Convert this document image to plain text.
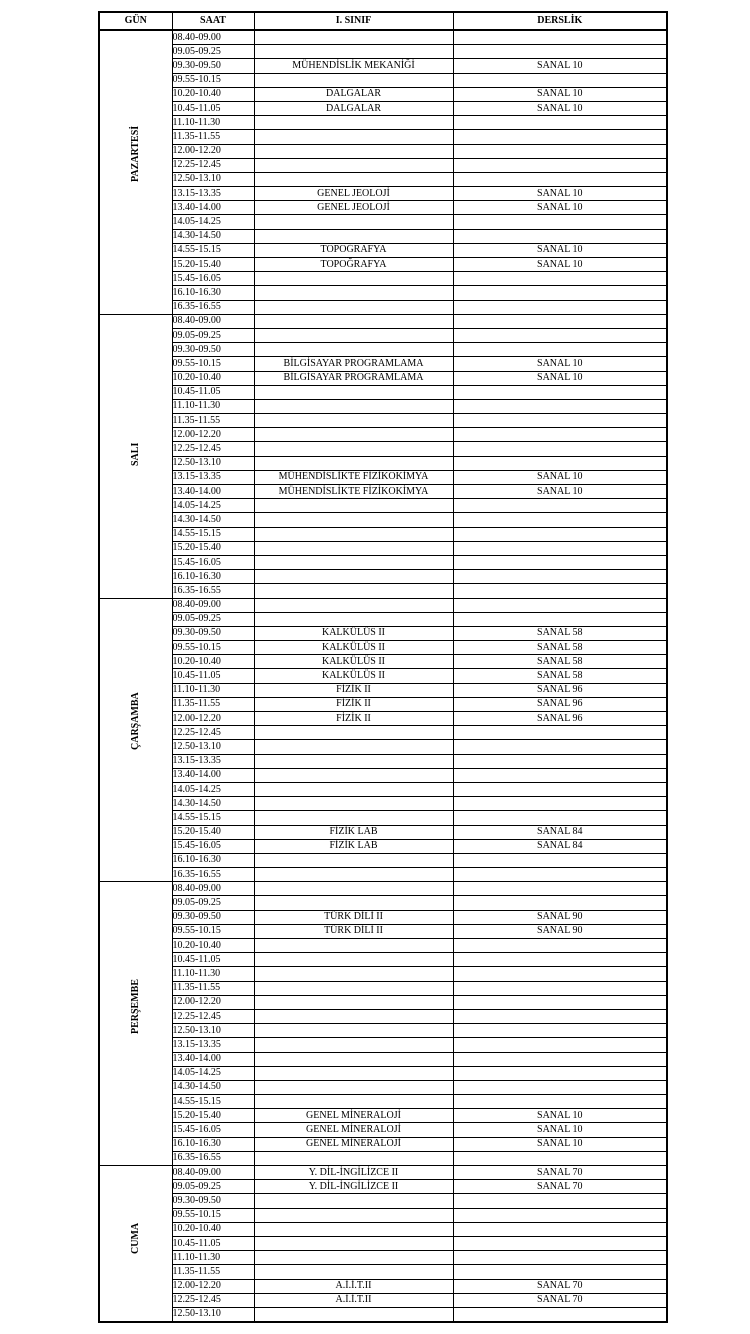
GÜN	SAAT	I. SINIF	DERSLİK

PAZARTESİ	08.40-09.00		
	09.05-09.25		
	09.30-09.50	MÜHENDİSLİK MEKANİĞİ	SANAL 10
	09.55-10.15		
	10.20-10.40	DALGALAR	SANAL 10
	10.45-11.05	DALGALAR	SANAL 10
	11.10-11.30		
	11.35-11.55		
	12.00-12.20		
	12.25-12.45		
	12.50-13.10		
	13.15-13.35	GENEL JEOLOJİ	SANAL 10
	13.40-14.00	GENEL JEOLOJİ	SANAL 10
	14.05-14.25		
	14.30-14.50		
	14.55-15.15	TOPOĞRAFYA	SANAL 10
	15.20-15.40	TOPOĞRAFYA	SANAL 10
	15.45-16.05		
	16.10-16.30		
	16.35-16.55		

SALI	08.40-09.00		
	09.05-09.25		
	09.30-09.50		
	09.55-10.15	BİLGİSAYAR PROGRAMLAMA	SANAL 10
	10.20-10.40	BİLGİSAYAR PROGRAMLAMA	SANAL 10
	10.45-11.05		
	11.10-11.30		
	11.35-11.55		
	12.00-12.20		
	12.25-12.45		
	12.50-13.10		
	13.15-13.35	MÜHENDİSLİKTE FİZİKOKİMYA	SANAL 10
	13.40-14.00	MÜHENDİSLİKTE FİZİKOKİMYA	SANAL 10
	14.05-14.25		
	14.30-14.50		
	14.55-15.15		
	15.20-15.40		
	15.45-16.05		
	16.10-16.30		
	16.35-16.55		

ÇARŞAMBA	08.40-09.00		
	09.05-09.25		
	09.30-09.50	KALKÜLÜS II	SANAL 58
	09.55-10.15	KALKÜLÜS II	SANAL 58
	10.20-10.40	KALKÜLÜS II	SANAL 58
	10.45-11.05	KALKÜLÜS II	SANAL 58
	11.10-11.30	FİZİK II	SANAL 96
	11.35-11.55	FİZİK II	SANAL 96
	12.00-12.20	FİZİK II	SANAL 96
	12.25-12.45		
	12.50-13.10		
	13.15-13.35		
	13.40-14.00		
	14.05-14.25		
	14.30-14.50		
	14.55-15.15		
	15.20-15.40	FİZİK LAB	SANAL 84
	15.45-16.05	FİZİK LAB	SANAL 84
	16.10-16.30		
	16.35-16.55		

PERŞEMBE	08.40-09.00		
	09.05-09.25		
	09.30-09.50	TÜRK DİLİ II	SANAL 90
	09.55-10.15	TÜRK DİLİ II	SANAL 90
	10.20-10.40		
	10.45-11.05		
	11.10-11.30		
	11.35-11.55		
	12.00-12.20		
	12.25-12.45		
	12.50-13.10		
	13.15-13.35		
	13.40-14.00		
	14.05-14.25		
	14.30-14.50		
	14.55-15.15		
	15.20-15.40	GENEL MİNERALOJİ	SANAL 10
	15.45-16.05	GENEL MİNERALOJİ	SANAL 10
	16.10-16.30	GENEL MİNERALOJİ	SANAL 10
	16.35-16.55		

CUMA	08.40-09.00	Y. DİL-İNGİLİZCE II	SANAL 70
	09.05-09.25	Y. DİL-İNGİLİZCE II	SANAL 70
	09.30-09.50		
	09.55-10.15		
	10.20-10.40		
	10.45-11.05		
	11.10-11.30		
	11.35-11.55		
	12.00-12.20	A.İ.İ.T.II	SANAL 70
	12.25-12.45	A.İ.İ.T.II	SANAL 70
	12.50-13.10		
